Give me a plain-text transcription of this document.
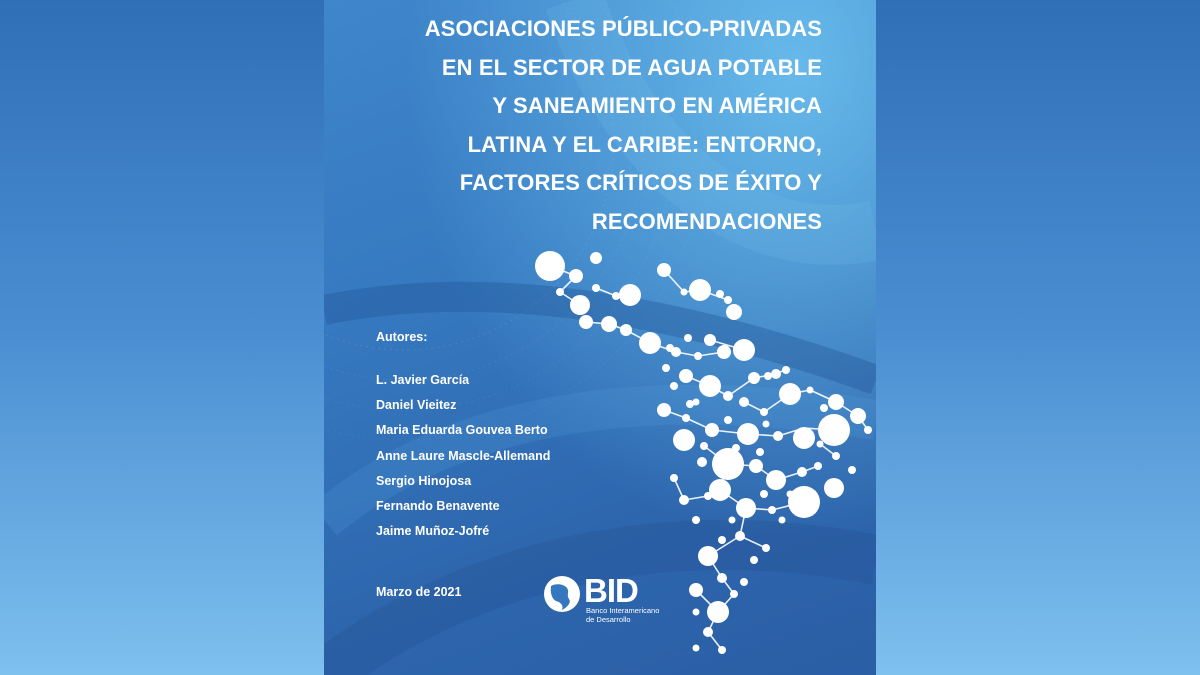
ASOCIACIONES PÚBLICO-PRIVADAS
EN EL SECTOR DE AGUA POTABLE
Y SANEAMIENTO EN AMÉRICA
LATINA Y EL CARIBE: ENTORNO,
FACTORES CRÍTICOS DE ÉXITO Y
RECOMENDACIONES

Autores:

L. Javier García
Daniel Vieitez
Maria Eduarda Gouvea Berto
Anne Laure Mascle-Allemand
Sergio Hinojosa
Fernando Benavente
Jaime Muñoz-Jofré
Marzo de 2021	BID
Banco Interamericano
de Desarrollo
